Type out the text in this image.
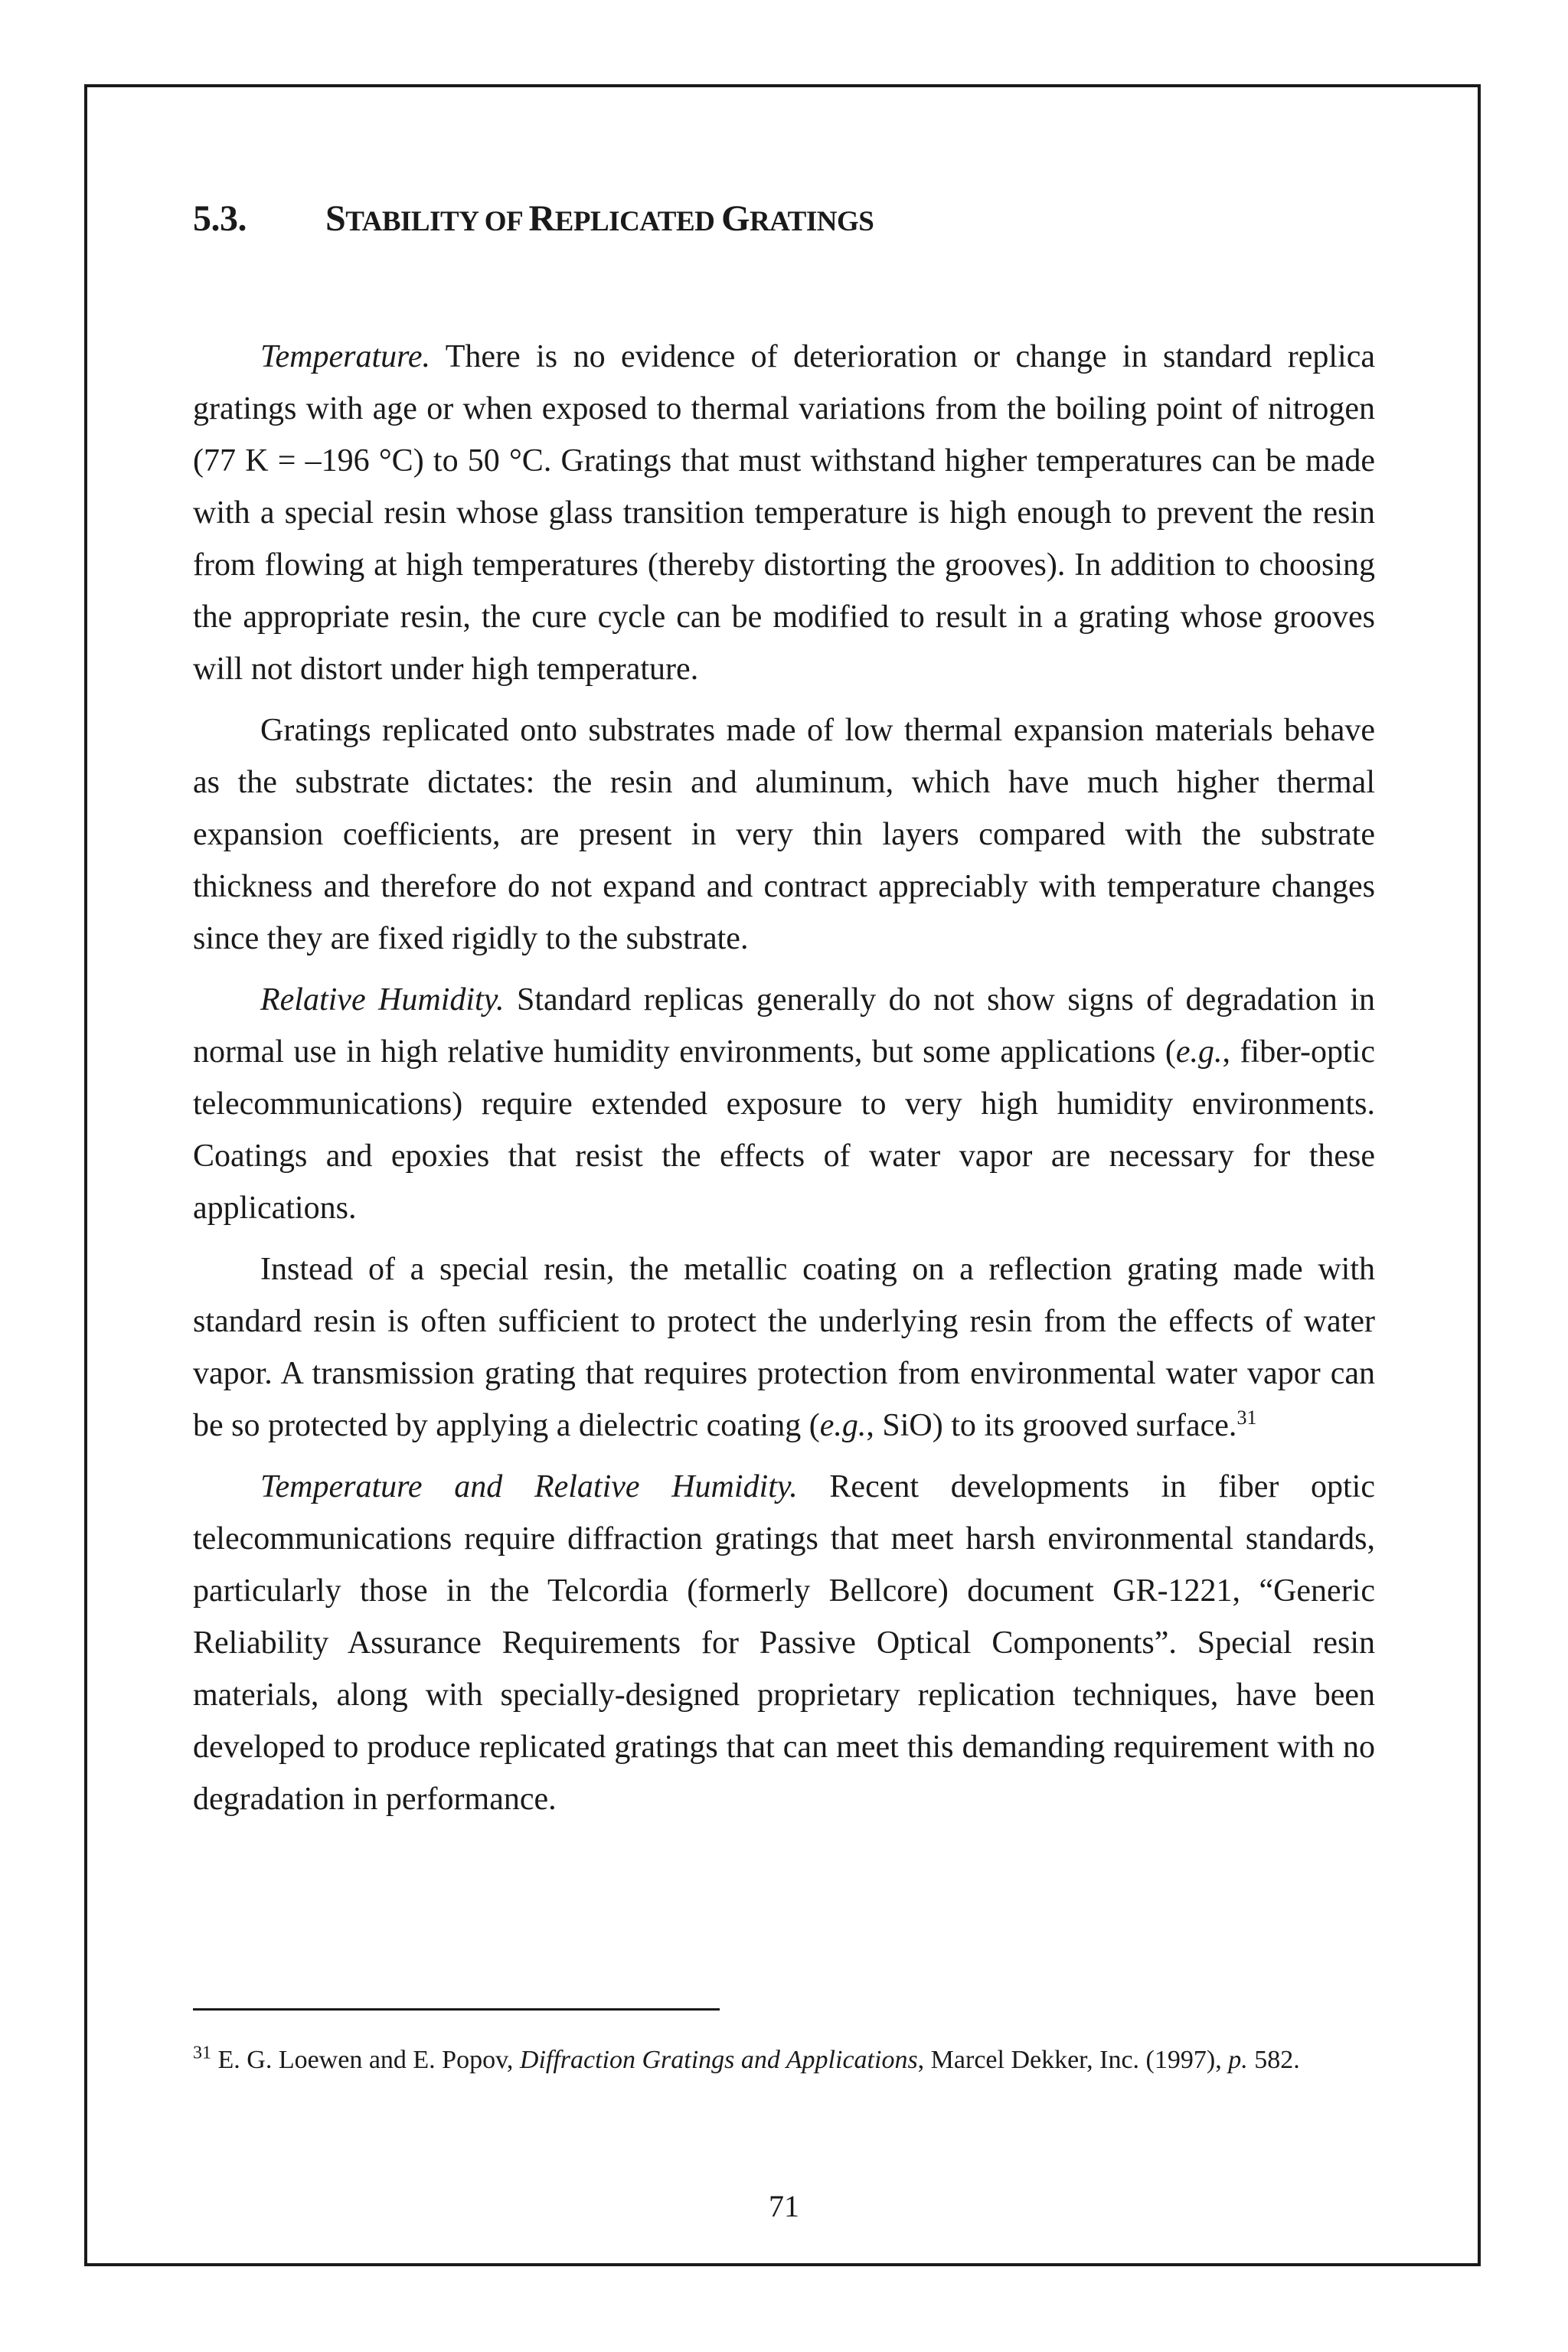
5.3. STABILITY OF REPLICATED GRATINGS

Temperature. There is no evidence of deterioration or change in standard replica gratings with age or when exposed to thermal variations from the boiling point of nitrogen (77 K = –196 °C) to 50 °C. Gratings that must withstand higher temperatures can be made with a special resin whose glass transition temperature is high enough to prevent the resin from flowing at high temperatures (thereby distorting the grooves). In addition to choosing the appropriate resin, the cure cycle can be modified to result in a grating whose grooves will not distort under high temperature.

Gratings replicated onto substrates made of low thermal expansion materials behave as the substrate dictates: the resin and aluminum, which have much higher thermal expansion coefficients, are present in very thin layers compared with the substrate thickness and therefore do not expand and contract appreciably with temperature changes since they are fixed rigidly to the substrate.

Relative Humidity. Standard replicas generally do not show signs of degradation in normal use in high relative humidity environments, but some applications (e.g., fiber-optic telecommunications) require extended exposure to very high humidity environments. Coatings and epoxies that resist the effects of water vapor are necessary for these applications.

Instead of a special resin, the metallic coating on a reflection grating made with standard resin is often sufficient to protect the underlying resin from the effects of water vapor. A transmission grating that requires protection from environmental water vapor can be so protected by applying a dielectric coating (e.g., SiO) to its grooved surface.$^{31}$

Temperature and Relative Humidity. Recent developments in fiber optic telecommunications require diffraction gratings that meet harsh environmental standards, particularly those in the Telcordia (formerly Bellcore) document GR-1221, “Generic Reliability Assurance Requirements for Passive Optical Components”. Special resin materials, along with specially-designed proprietary replication techniques, have been developed to produce replicated gratings that can meet this demanding requirement with no degradation in performance.

$^{31}$ E. G. Loewen and E. Popov, Diffraction Gratings and Applications, Marcel Dekker, Inc. (1997), p. 582.
71
